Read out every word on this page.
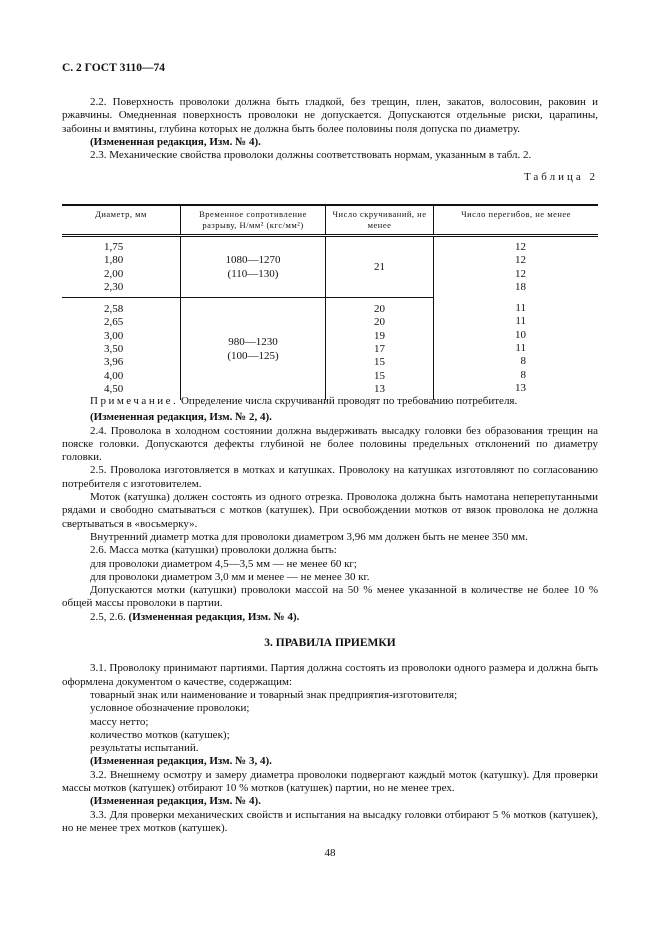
С. 2 ГОСТ 3110—74

2.2. Поверхность проволоки должна быть гладкой, без трещин, плен, закатов, волосовин, раковин и ржавчины. Омедненная поверхность проволоки не допускается. Допускаются отдельные риски, царапины, забоины и вмятины, глубина которых не должна быть более половины поля допуска по диаметру.

(Измененная редакция, Изм. № 4).

2.3. Механические свойства проволоки должны соответствовать нормам, указанным в табл. 2.

Таблица 2
Диаметр, мм	Временное сопротивление разрыву, Н/мм² (кгс/мм²)
Число скручиваний, не менее
Число перегибов, не менее
1,75
1,80
2,00
2,30
1080—1270
(110—130)
21
12
12
12
18
2,58
2,65
3,00
3,50
3,96
4,00
4,50
980—1230
(100—125)
20
20
19
17
15
15
13
11
11
10
11
8
8
13

Примечание. Определение числа скручиваний проводят по требованию потребителя.

(Измененная редакция, Изм. № 2, 4).

2.4. Проволока в холодном состоянии должна выдерживать высадку головки без образования трещин на пояске головки. Допускаются дефекты глубиной не более половины предельных отклонений по диаметру головки.

2.5. Проволока изготовляется в мотках и катушках. Проволоку на катушках изготовляют по согласованию потребителя с изготовителем.

Моток (катушка) должен состоять из одного отрезка. Проволока должна быть намотана неперепутанными рядами и свободно сматываться с мотков (катушек). При освобождении мотков от вязок проволока не должна свертываться в «восьмерку».

Внутренний диаметр мотка для проволоки диаметром 3,96 мм должен быть не менее 350 мм.

2.6. Масса мотка (катушки) проволоки должна быть:

для проволоки диаметром 4,5—3,5 мм — не менее 60 кг;

для проволоки диаметром 3,0 мм и менее — не менее 30 кг.

Допускаются мотки (катушки) проволоки массой на 50 % менее указанной в количестве не более 10 % общей массы проволоки в партии.

2.5, 2.6. (Измененная редакция, Изм. № 4).

3. ПРАВИЛА ПРИЕМКИ

3.1. Проволоку принимают партиями. Партия должна состоять из проволоки одного размера и должна быть оформлена документом о качестве, содержащим:

товарный знак или наименование и товарный знак предприятия-изготовителя;

условное обозначение проволоки;

массу нетто;

количество мотков (катушек);

результаты испытаний.

(Измененная редакция, Изм. № 3, 4).

3.2. Внешнему осмотру и замеру диаметра проволоки подвергают каждый моток (катушку). Для проверки массы мотков (катушек) отбирают 10 % мотков (катушек) партии, но не менее трех.

(Измененная редакция, Изм. № 4).

3.3. Для проверки механических свойств и испытания на высадку головки отбирают 5 % мотков (катушек), но не менее трех мотков (катушек).

48
